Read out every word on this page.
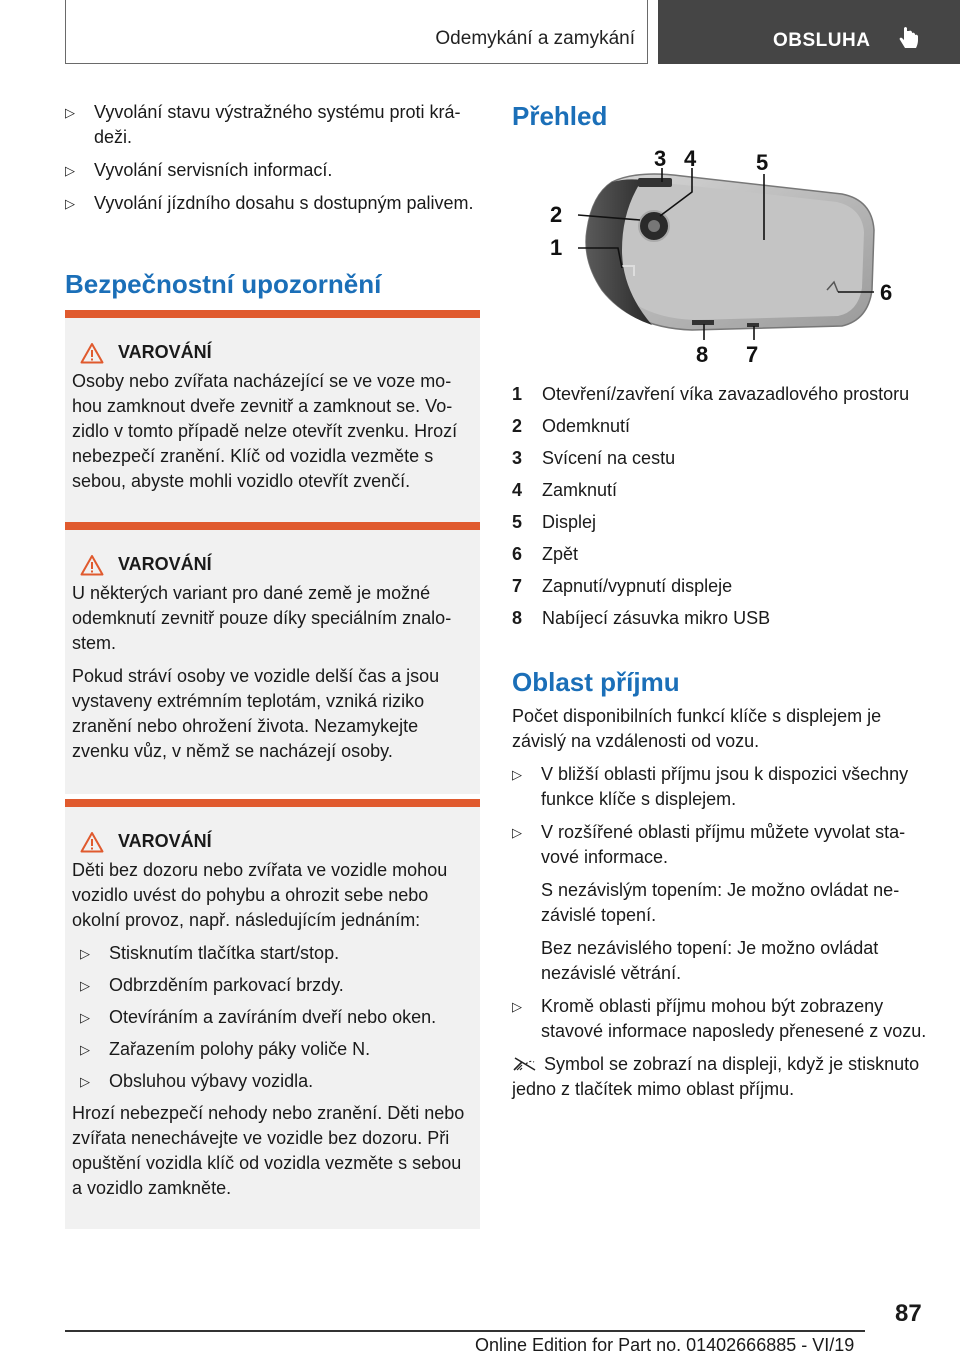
Odemykání a zamykání	OBSLUHA
▷ Vyvolání stavu výstražného systému proti krádeži.
▷ Vyvolání servisních informací.
▷ Vyvolání jízdního dosahu s dostupným palivem.
Bezpečnostní upozornění
VAROVÁNÍ

Osoby nebo zvířata nacházející se ve voze mohou zamknout dveře zevnitř a zamknout se. Vozidlo v tomto případě nelze otevřít zvenku. Hrozí nebezpečí zranění. Klíč od vozidla vezměte s sebou, abyste mohli vozidlo otevřít zvenčí.

VAROVÁNÍ

U některých variant pro dané země je možné odemknutí zevnitř pouze díky speciálním znalostem.

Pokud stráví osoby ve vozidle delší čas a jsou vystaveny extrémním teplotám, vzniká riziko zranění nebo ohrožení života. Nezamykejte zvenku vůz, v němž se nacházejí osoby.

VAROVÁNÍ

Děti bez dozoru nebo zvířata ve vozidle mohou vozidlo uvést do pohybu a ohrozit sebe nebo okolní provoz, např. následujícím jednáním:

▷ Stisknutím tlačítka start/stop.
▷ Odbrzděním parkovací brzdy.
▷ Otevíráním a zavíráním dveří nebo oken.
▷ Zařazením polohy páky voliče N.
▷ Obsluhou výbavy vozidla.

Hrozí nebezpečí nehody nebo zranění. Děti nebo zvířata nenechávejte ve vozidle bez dozoru. Při opuštění vozidla klíč od vozidla vezměte s sebou a vozidlo zamkněte.

Přehled
3 4	5
2
1
6
8 7
1	Otevření/zavření víka zavazadlového prostoru
2	Odemknutí
3	Svícení na cestu
4	Zamknutí
5	Displej
6	Zpět
7	Zapnutí/vypnutí displeje
8	Nabíjecí zásuvka mikro USB
Oblast příjmu

Počet disponibilních funkcí klíče s displejem je závislý na vzdálenosti od vozu.

▷ V bližší oblasti příjmu jsou k dispozici všechny funkce klíče s displejem.
▷ V rozšířené oblasti příjmu můžete vyvolat stavové informace.

S nezávislým topením: Je možno ovládat nezávislé topení.

Bez nezávislého topení: Je možno ovládat nezávislé větrání.

▷ Kromě oblasti příjmu mohou být zobrazeny stavové informace naposledy přenesené z vozu.

Symbol se zobrazí na displeji, když je stisknuto jedno z tlačítek mimo oblast příjmu.

87
Online Edition for Part no. 01402666885 - VI/19
